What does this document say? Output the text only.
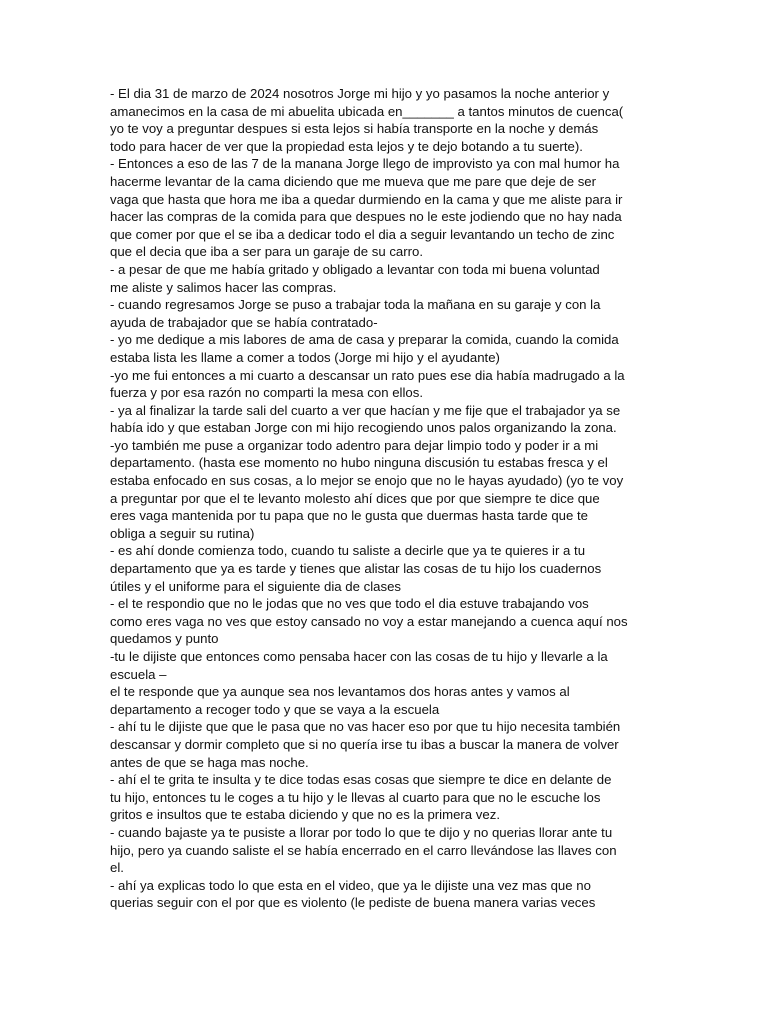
- El dia 31 de marzo de 2024 nosotros Jorge mi hijo y yo pasamos la noche anterior y
amanecimos en la casa de mi abuelita ubicada en_______ a tantos minutos de cuenca(
yo te voy a preguntar despues si esta lejos si había transporte en la noche y demás
todo para hacer de ver que la propiedad esta lejos y te dejo botando a tu suerte).
- Entonces a eso de las 7 de la manana Jorge llego de improvisto ya con mal humor ha
hacerme levantar de la cama diciendo que me mueva que me pare que deje de ser
vaga que hasta que hora me iba a quedar durmiendo en la cama y que me aliste para ir
hacer las compras de la comida para que despues no le este jodiendo que no hay nada
que comer por que el se iba a dedicar todo el dia a seguir levantando un techo de zinc
que el decia que iba a ser para un garaje de su carro.
- a pesar de que me había gritado y obligado a levantar con toda mi buena voluntad
me aliste y salimos hacer las compras.
- cuando regresamos Jorge se puso a trabajar toda la mañana en su garaje y con la
ayuda de trabajador que se había contratado-
- yo me dedique a mis labores de ama de casa y preparar la comida, cuando la comida
estaba lista les llame a comer a todos (Jorge mi hijo y el ayudante)
-yo me fui entonces a mi cuarto a descansar un rato pues ese dia había madrugado a la
fuerza y por esa razón no comparti la mesa con ellos.
- ya al finalizar la tarde sali del cuarto a ver que hacían y me fije que el trabajador ya se
había ido y que estaban Jorge con mi hijo recogiendo unos palos organizando la zona.
-yo también me puse a organizar todo adentro para dejar limpio todo y poder ir a mi
departamento. (hasta ese momento no hubo ninguna discusión tu estabas fresca y el
estaba enfocado en sus cosas, a lo mejor se enojo que no le hayas ayudado) (yo te voy
a preguntar por que el te levanto molesto ahí dices que por que siempre te dice que
eres vaga mantenida por tu papa que no le gusta que duermas hasta tarde que te
obliga a seguir su rutina)
- es ahí donde comienza todo, cuando tu saliste a decirle que ya te quieres ir a tu
departamento que ya es tarde y tienes que alistar las cosas de tu hijo los cuadernos
útiles y el uniforme para el siguiente dia de clases
- el te respondio que no le jodas que no ves que todo el dia estuve trabajando vos
como eres vaga no ves que estoy cansado no voy a estar manejando a cuenca aquí nos
quedamos y punto
-tu le dijiste que entonces como pensaba hacer con las cosas de tu hijo y llevarle a la
escuela –
el te responde que ya aunque sea nos levantamos dos horas antes y vamos al
departamento a recoger todo y que se vaya a la escuela
- ahí tu le dijiste que que le pasa que no vas hacer eso por que tu hijo necesita también
descansar y dormir completo que si no quería irse tu ibas a buscar la manera de volver
antes de que se haga mas noche.
- ahí el te grita te insulta y te dice todas esas cosas que siempre te dice en delante de
tu hijo, entonces tu le coges a tu hijo y le llevas al cuarto para que no le escuche los
gritos e insultos que te estaba diciendo y que no es la primera vez.
- cuando bajaste ya te pusiste a llorar por todo lo que te dijo y no querias llorar ante tu
hijo, pero ya cuando saliste el se había encerrado en el carro llevándose las llaves con
el.
- ahí ya explicas todo lo que esta en el video, que ya le dijiste una vez mas que no
querias seguir con el por que es violento (le pediste de buena manera varias veces
